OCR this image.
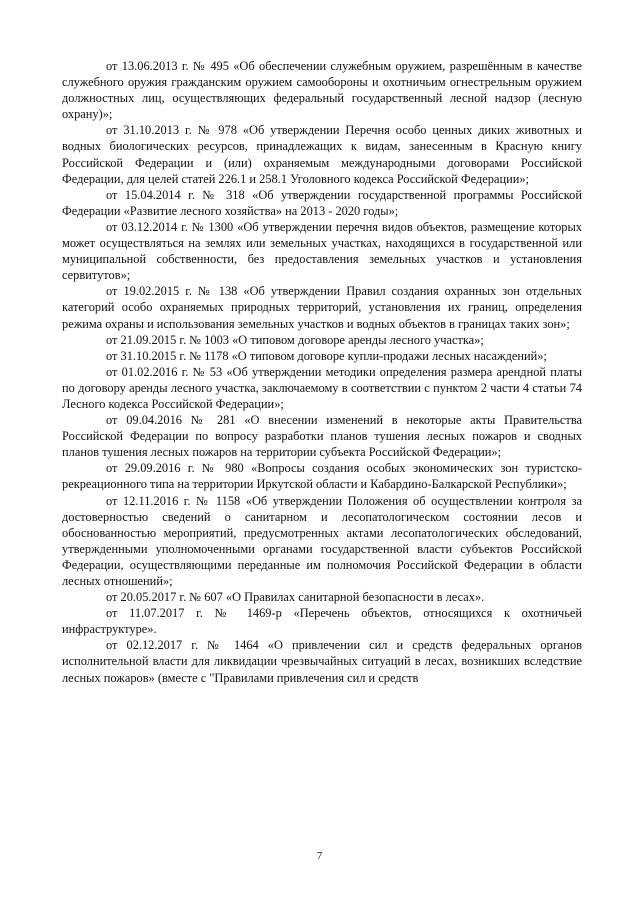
от 13.06.2013 г. № 495 «Об обеспечении служебным оружием, разрешённым в качестве служебного оружия гражданским оружием самообороны и охотничьим огнестрельным оружием должностных лиц, осуществляющих федеральный государственный лесной надзор (лесную охрану)»;

от 31.10.2013 г. № 978 «Об утверждении Перечня особо ценных диких животных и водных биологических ресурсов, принадлежащих к видам, занесенным в Красную книгу Российской Федерации и (или) охраняемым международными договорами Российской Федерации, для целей статей 226.1 и 258.1 Уголовного кодекса Российской Федерации»;

от 15.04.2014 г. № 318 «Об утверждении государственной программы Российской Федерации «Развитие лесного хозяйства» на 2013 - 2020 годы»;

от 03.12.2014 г. № 1300 «Об утверждении перечня видов объектов, размещение которых может осуществляться на землях или земельных участках, находящихся в государственной или муниципальной собственности, без предоставления земельных участков и установления сервитутов»;

от 19.02.2015 г. № 138 «Об утверждении Правил создания охранных зон отдельных категорий особо охраняемых природных территорий, установления их границ, определения режима охраны и использования земельных участков и водных объектов в границах таких зон»;

от 21.09.2015 г. № 1003 «О типовом договоре аренды лесного участка»;

от 31.10.2015 г. № 1178 «О типовом договоре купли-продажи лесных насаждений»;

от 01.02.2016 г. № 53 «Об утверждении методики определения размера арендной платы по договору аренды лесного участка, заключаемому в соответствии с пунктом 2 части 4 статьи 74 Лесного кодекса Российской Федерации»;

от 09.04.2016 № 281 «О внесении изменений в некоторые акты Правительства Российской Федерации по вопросу разработки планов тушения лесных пожаров и сводных планов тушения лесных пожаров на территории субъекта Российской Федерации»;

от 29.09.2016 г. № 980 «Вопросы создания особых экономических зон туристско-рекреационного типа на территории Иркутской области и Кабардино-Балкарской Республики»;

от 12.11.2016 г. № 1158 «Об утверждении Положения об осуществлении контроля за достоверностью сведений о санитарном и лесопатологическом состоянии лесов и обоснованностью мероприятий, предусмотренных актами лесопатологических обследований, утвержденными уполномоченными органами государственной власти субъектов Российской Федерации, осуществляющими переданные им полномочия Российской Федерации в области лесных отношений»;

от 20.05.2017 г. № 607 «О Правилах санитарной безопасности в лесах».

от 11.07.2017 г. № 1469-р «Перечень объектов, относящихся к охотничьей инфраструктуре».

от 02.12.2017 г. № 1464 «О привлечении сил и средств федеральных органов исполнительной власти для ликвидации чрезвычайных ситуаций в лесах, возникших вследствие лесных пожаров» (вместе с "Правилами привлечения сил и средств

7
